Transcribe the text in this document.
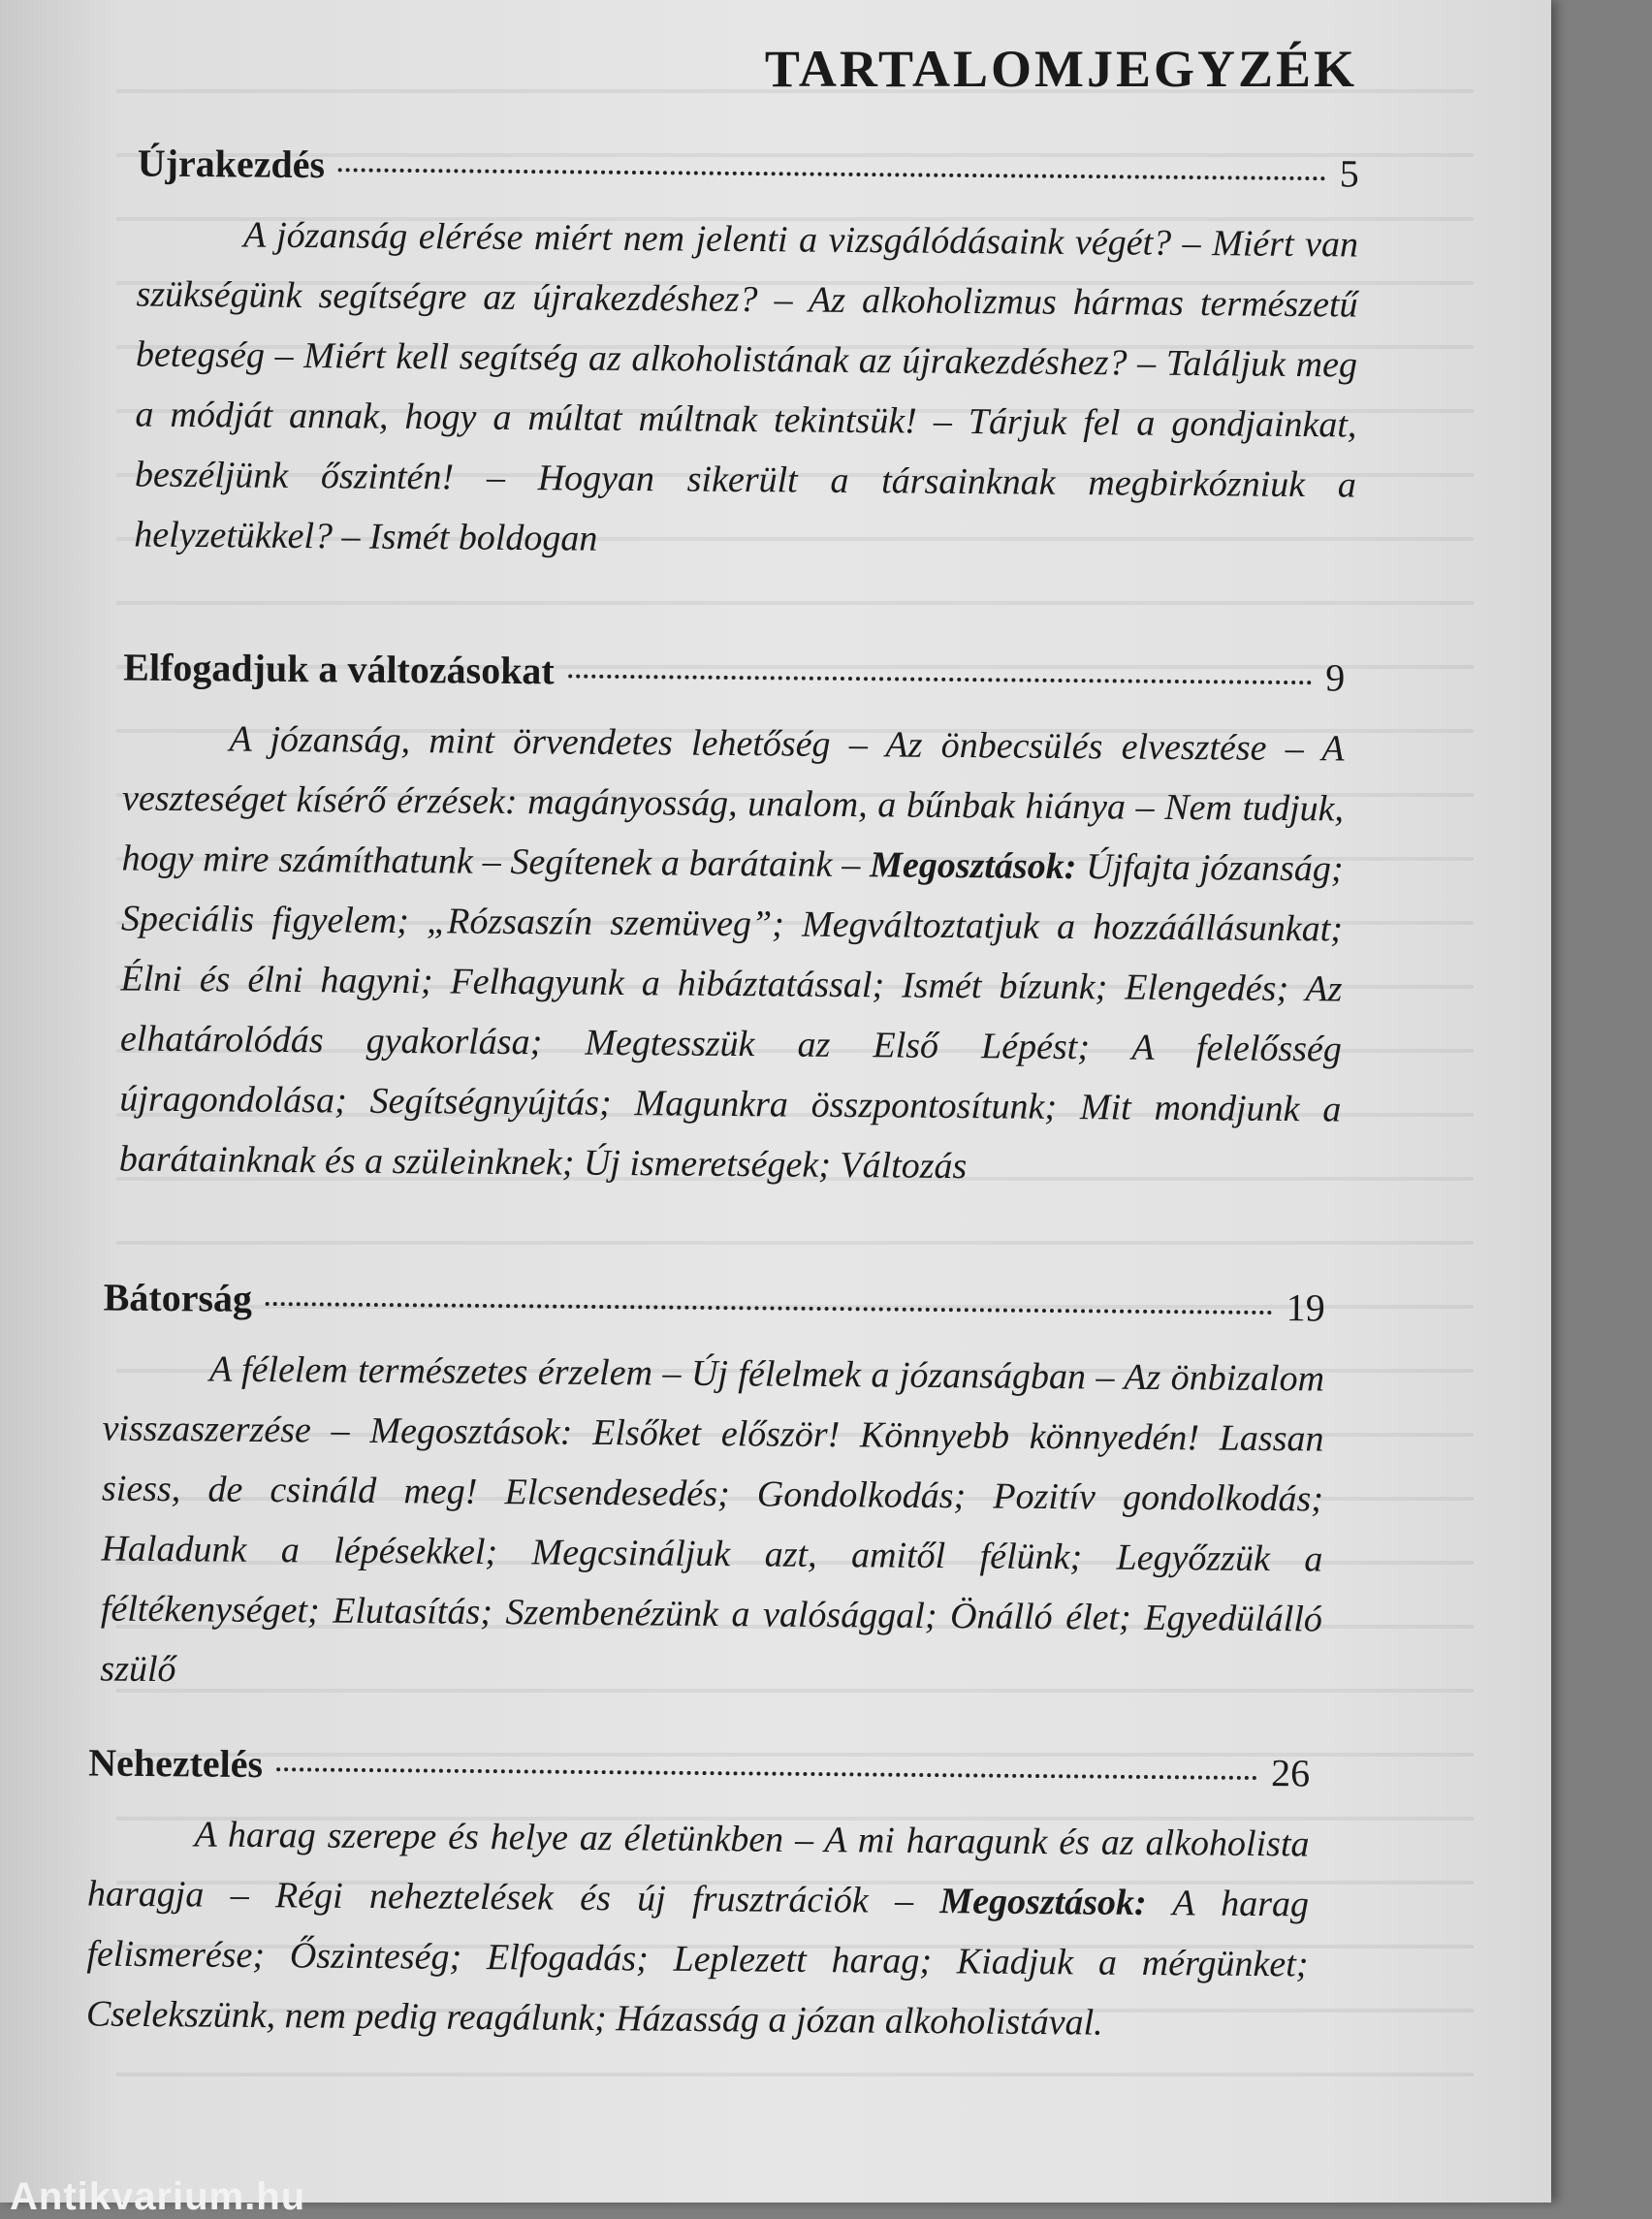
TARTALOMJEGYZÉK
Újrakezdés	5

A józanság elérése miért nem jelenti a vizsgálódásaink végét? – Miért van szükségünk segítségre az újrakezdéshez? – Az alkoholizmus hármas természetű betegség – Miért kell segítség az alkoholistának az újrakezdéshez? – Találjuk meg a módját annak, hogy a múltat múltnak tekintsük! – Tárjuk fel a gondjainkat, beszéljünk őszintén! – Hogyan sikerült a társainknak megbirkózniuk a helyzetükkel? – Ismét boldogan

Elfogadjuk a változásokat	9

A józanság, mint örvendetes lehetőség – Az önbecsülés elvesztése – A veszteséget kísérő érzések: magányosság, unalom, a bűnbak hiánya – Nem tudjuk, hogy mire számíthatunk – Segítenek a barátaink – Megosztások: Újfajta józanság; Speciális figyelem; „Rózsaszín szemüveg”; Megváltoztatjuk a hozzáállásunkat; Élni és élni hagyni; Felhagyunk a hibáztatással; Ismét bízunk; Elengedés; Az elhatárolódás gyakorlása; Megtesszük az Első Lépést; A felelősség újragondolása; Segítségnyújtás; Magunkra összpontosítunk; Mit mondjunk a barátainknak és a szüleinknek; Új ismeretségek; Változás

Bátorság	19

A félelem természetes érzelem – Új félelmek a józanságban – Az önbizalom visszaszerzése – Megosztások: Elsőket először! Könnyebb könnyedén! Lassan siess, de csináld meg! Elcsendesedés; Gondolkodás; Pozitív gondolkodás; Haladunk a lépésekkel; Megcsináljuk azt, amitől félünk; Legyőzzük a féltékenységet; Elutasítás; Szembenézünk a valósággal; Önálló élet; Egyedülálló szülő

Neheztelés	26

A harag szerepe és helye az életünkben – A mi haragunk és az alkoholista haragja – Régi neheztelések és új frusztrációk – Megosztások: A harag felismerése; Őszinteség; Elfogadás; Leplezett harag; Kiadjuk a mérgünket; Cselekszünk, nem pedig reagálunk; Házasság a józan alkoholistával.

Antikvarium.hu
